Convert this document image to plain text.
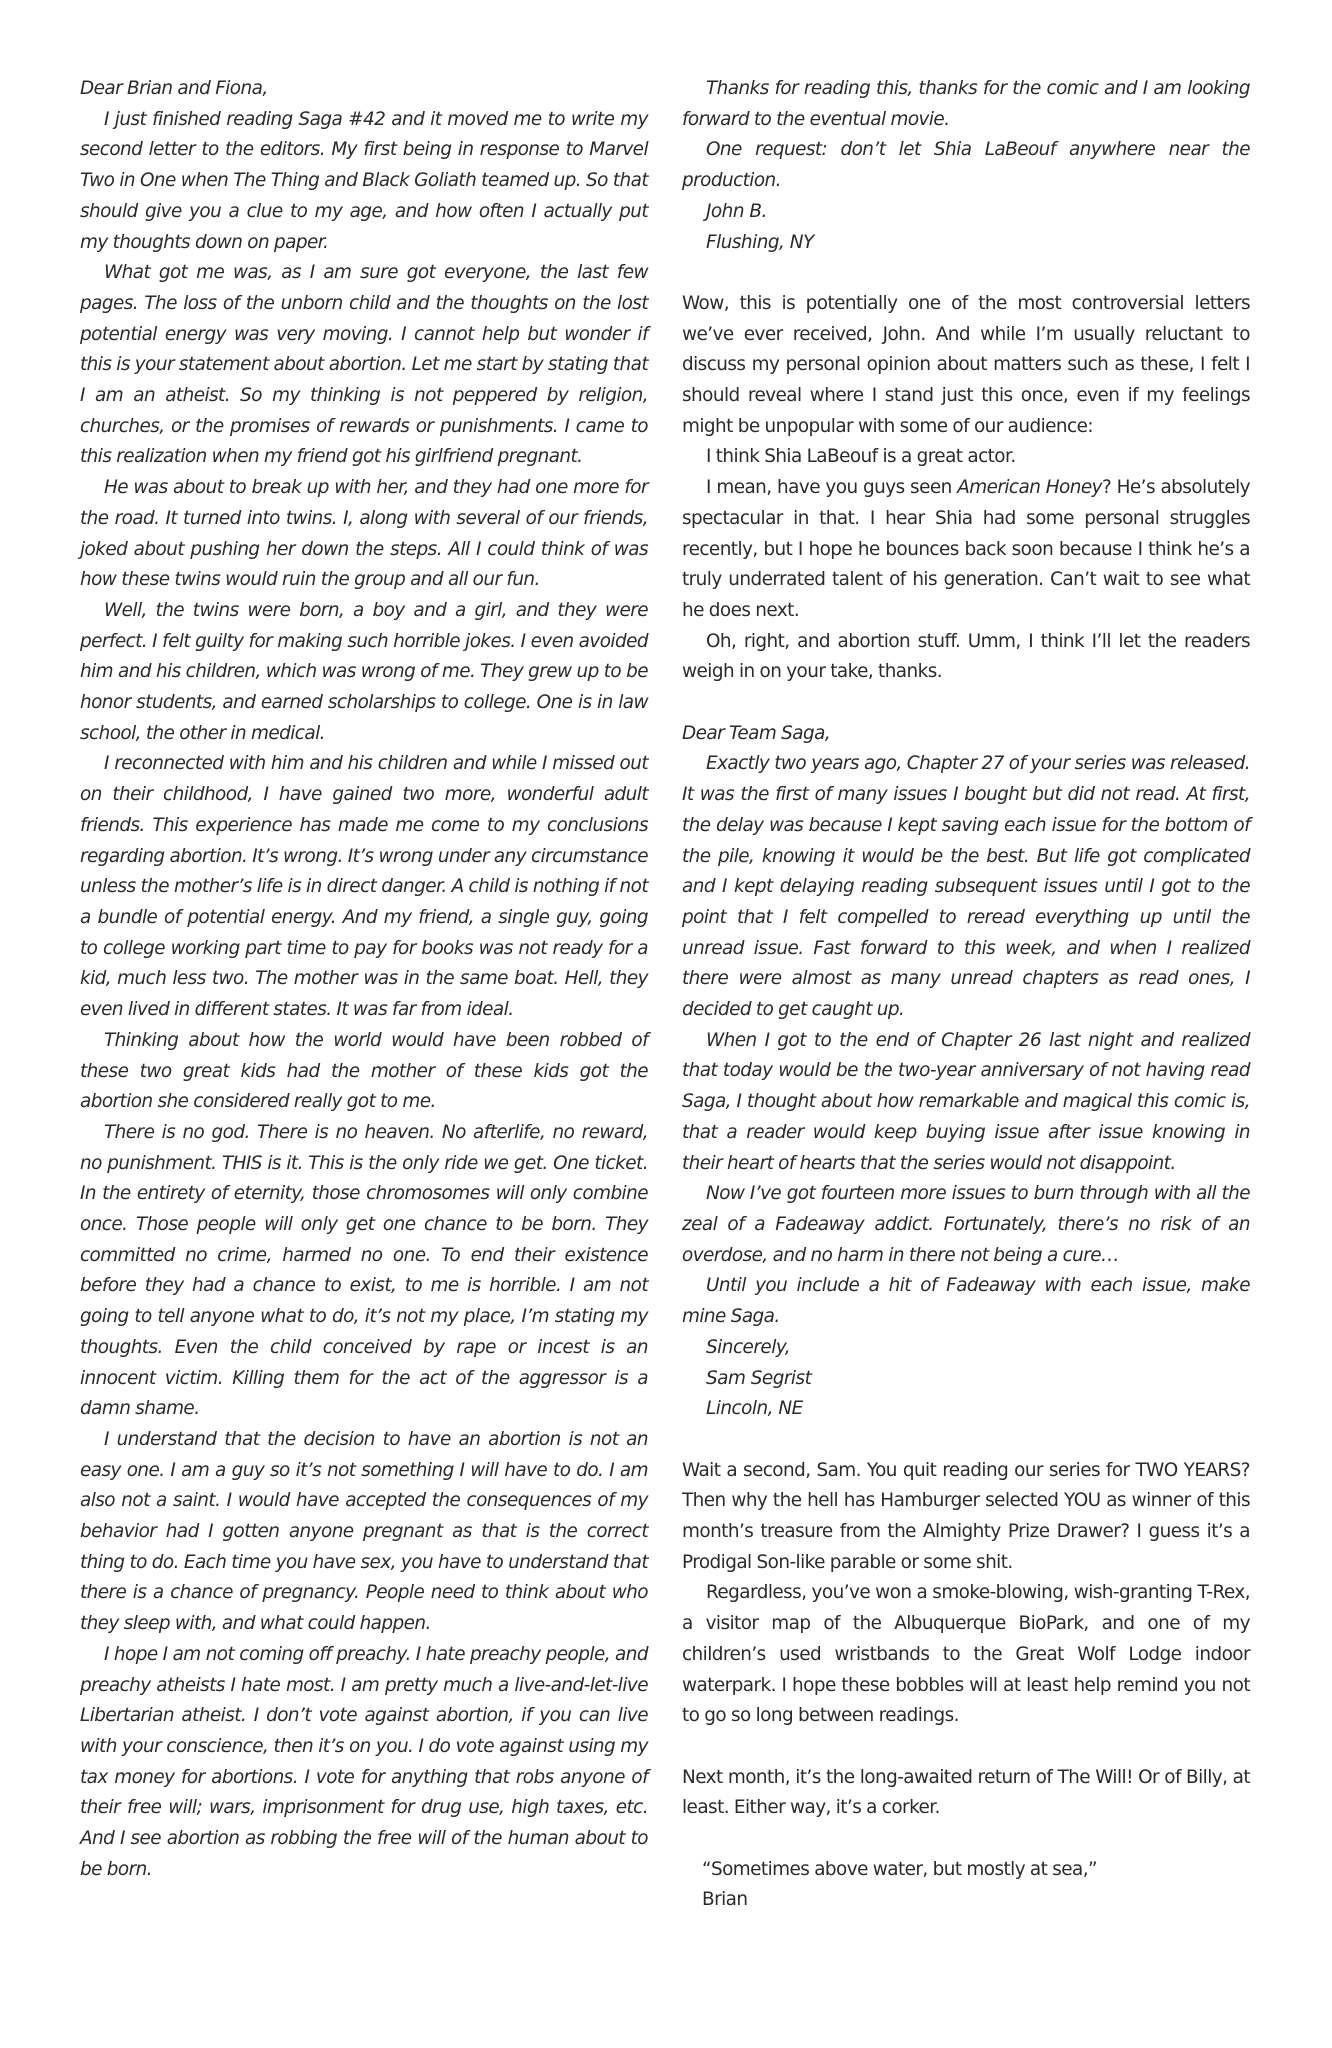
Dear Brian and Fiona,

I just finished reading Saga #42 and it moved me to write my second letter to the editors. My first being in response to Marvel Two in One when The Thing and Black Goliath teamed up. So that should give you a clue to my age, and how often I actually put my thoughts down on paper.

What got me was, as I am sure got everyone, the last few pages. The loss of the unborn child and the thoughts on the lost potential energy was very moving. I cannot help but wonder if this is your statement about abortion. Let me start by stating that I am an atheist. So my thinking is not peppered by religion, churches, or the promises of rewards or punishments. I came to this realization when my friend got his girlfriend pregnant.

He was about to break up with her, and they had one more for the road. It turned into twins. I, along with several of our friends, joked about pushing her down the steps. All I could think of was how these twins would ruin the group and all our fun.

Well, the twins were born, a boy and a girl, and they were perfect. I felt guilty for making such horrible jokes. I even avoided him and his children, which was wrong of me. They grew up to be honor students, and earned scholarships to college. One is in law school, the other in medical.

I reconnected with him and his children and while I missed out on their childhood, I have gained two more, wonderful adult friends. This experience has made me come to my conclusions regarding abortion. It’s wrong. It’s wrong under any circumstance unless the mother’s life is in direct danger. A child is nothing if not a bundle of potential energy. And my friend, a single guy, going to college working part time to pay for books was not ready for a kid, much less two. The mother was in the same boat. Hell, they even lived in different states. It was far from ideal.

Thinking about how the world would have been robbed of these two great kids had the mother of these kids got the abortion she considered really got to me.

There is no god. There is no heaven. No afterlife, no reward, no punishment. THIS is it. This is the only ride we get. One ticket. In the entirety of eternity, those chromosomes will only combine once. Those people will only get one chance to be born. They committed no crime, harmed no one. To end their existence before they had a chance to exist, to me is horrible. I am not going to tell anyone what to do, it’s not my place, I’m stating my thoughts. Even the child conceived by rape or incest is an innocent victim. Killing them for the act of the aggressor is a damn shame.

I understand that the decision to have an abortion is not an easy one. I am a guy so it’s not something I will have to do. I am also not a saint. I would have accepted the consequences of my behavior had I gotten anyone pregnant as that is the correct thing to do. Each time you have sex, you have to understand that there is a chance of pregnancy. People need to think about who they sleep with, and what could happen.

I hope I am not coming off preachy. I hate preachy people, and preachy atheists I hate most. I am pretty much a live-and-let-live Libertarian atheist. I don’t vote against abortion, if you can live with your conscience, then it’s on you. I do vote against using my tax money for abortions. I vote for anything that robs anyone of their free will; wars, imprisonment for drug use, high taxes, etc. And I see abortion as robbing the free will of the human about to be born.

Thanks for reading this, thanks for the comic and I am looking forward to the eventual movie.

One request: don’t let Shia LaBeouf anywhere near the production.

John B.

Flushing, NY

Wow, this is potentially one of the most controversial letters we’ve ever received, John. And while I’m usually reluctant to discuss my personal opinion about matters such as these, I felt I should reveal where I stand just this once, even if my feelings might be unpopular with some of our audience:

I think Shia LaBeouf is a great actor.

I mean, have you guys seen American Honey? He’s absolutely spectacular in that. I hear Shia had some personal struggles recently, but I hope he bounces back soon because I think he’s a truly underrated talent of his generation. Can’t wait to see what he does next.

Oh, right, and abortion stuff. Umm, I think I’ll let the readers weigh in on your take, thanks.

Dear Team Saga,

Exactly two years ago, Chapter 27 of your series was released. It was the first of many issues I bought but did not read. At first, the delay was because I kept saving each issue for the bottom of the pile, knowing it would be the best. But life got complicated and I kept delaying reading subsequent issues until I got to the point that I felt compelled to reread everything up until the unread issue. Fast forward to this week, and when I realized there were almost as many unread chapters as read ones, I decided to get caught up.

When I got to the end of Chapter 26 last night and realized that today would be the two-year anniversary of not having read Saga, I thought about how remarkable and magical this comic is, that a reader would keep buying issue after issue knowing in their heart of hearts that the series would not disappoint.

Now I’ve got fourteen more issues to burn through with all the zeal of a Fadeaway addict. Fortunately, there’s no risk of an overdose, and no harm in there not being a cure…

Until you include a hit of Fadeaway with each issue, make mine Saga.

Sincerely,

Sam Segrist

Lincoln, NE

Wait a second, Sam. You quit reading our series for TWO YEARS? Then why the hell has Hamburger selected YOU as winner of this month’s treasure from the Almighty Prize Drawer? I guess it’s a Prodigal Son-like parable or some shit.

Regardless, you’ve won a smoke-blowing, wish-granting T-Rex, a visitor map of the Albuquerque BioPark, and one of my children’s used wristbands to the Great Wolf Lodge indoor waterpark. I hope these bobbles will at least help remind you not to go so long between readings.

Next month, it’s the long-awaited return of The Will! Or of Billy, at least. Either way, it’s a corker.

“Sometimes above water, but mostly at sea,”

Brian
